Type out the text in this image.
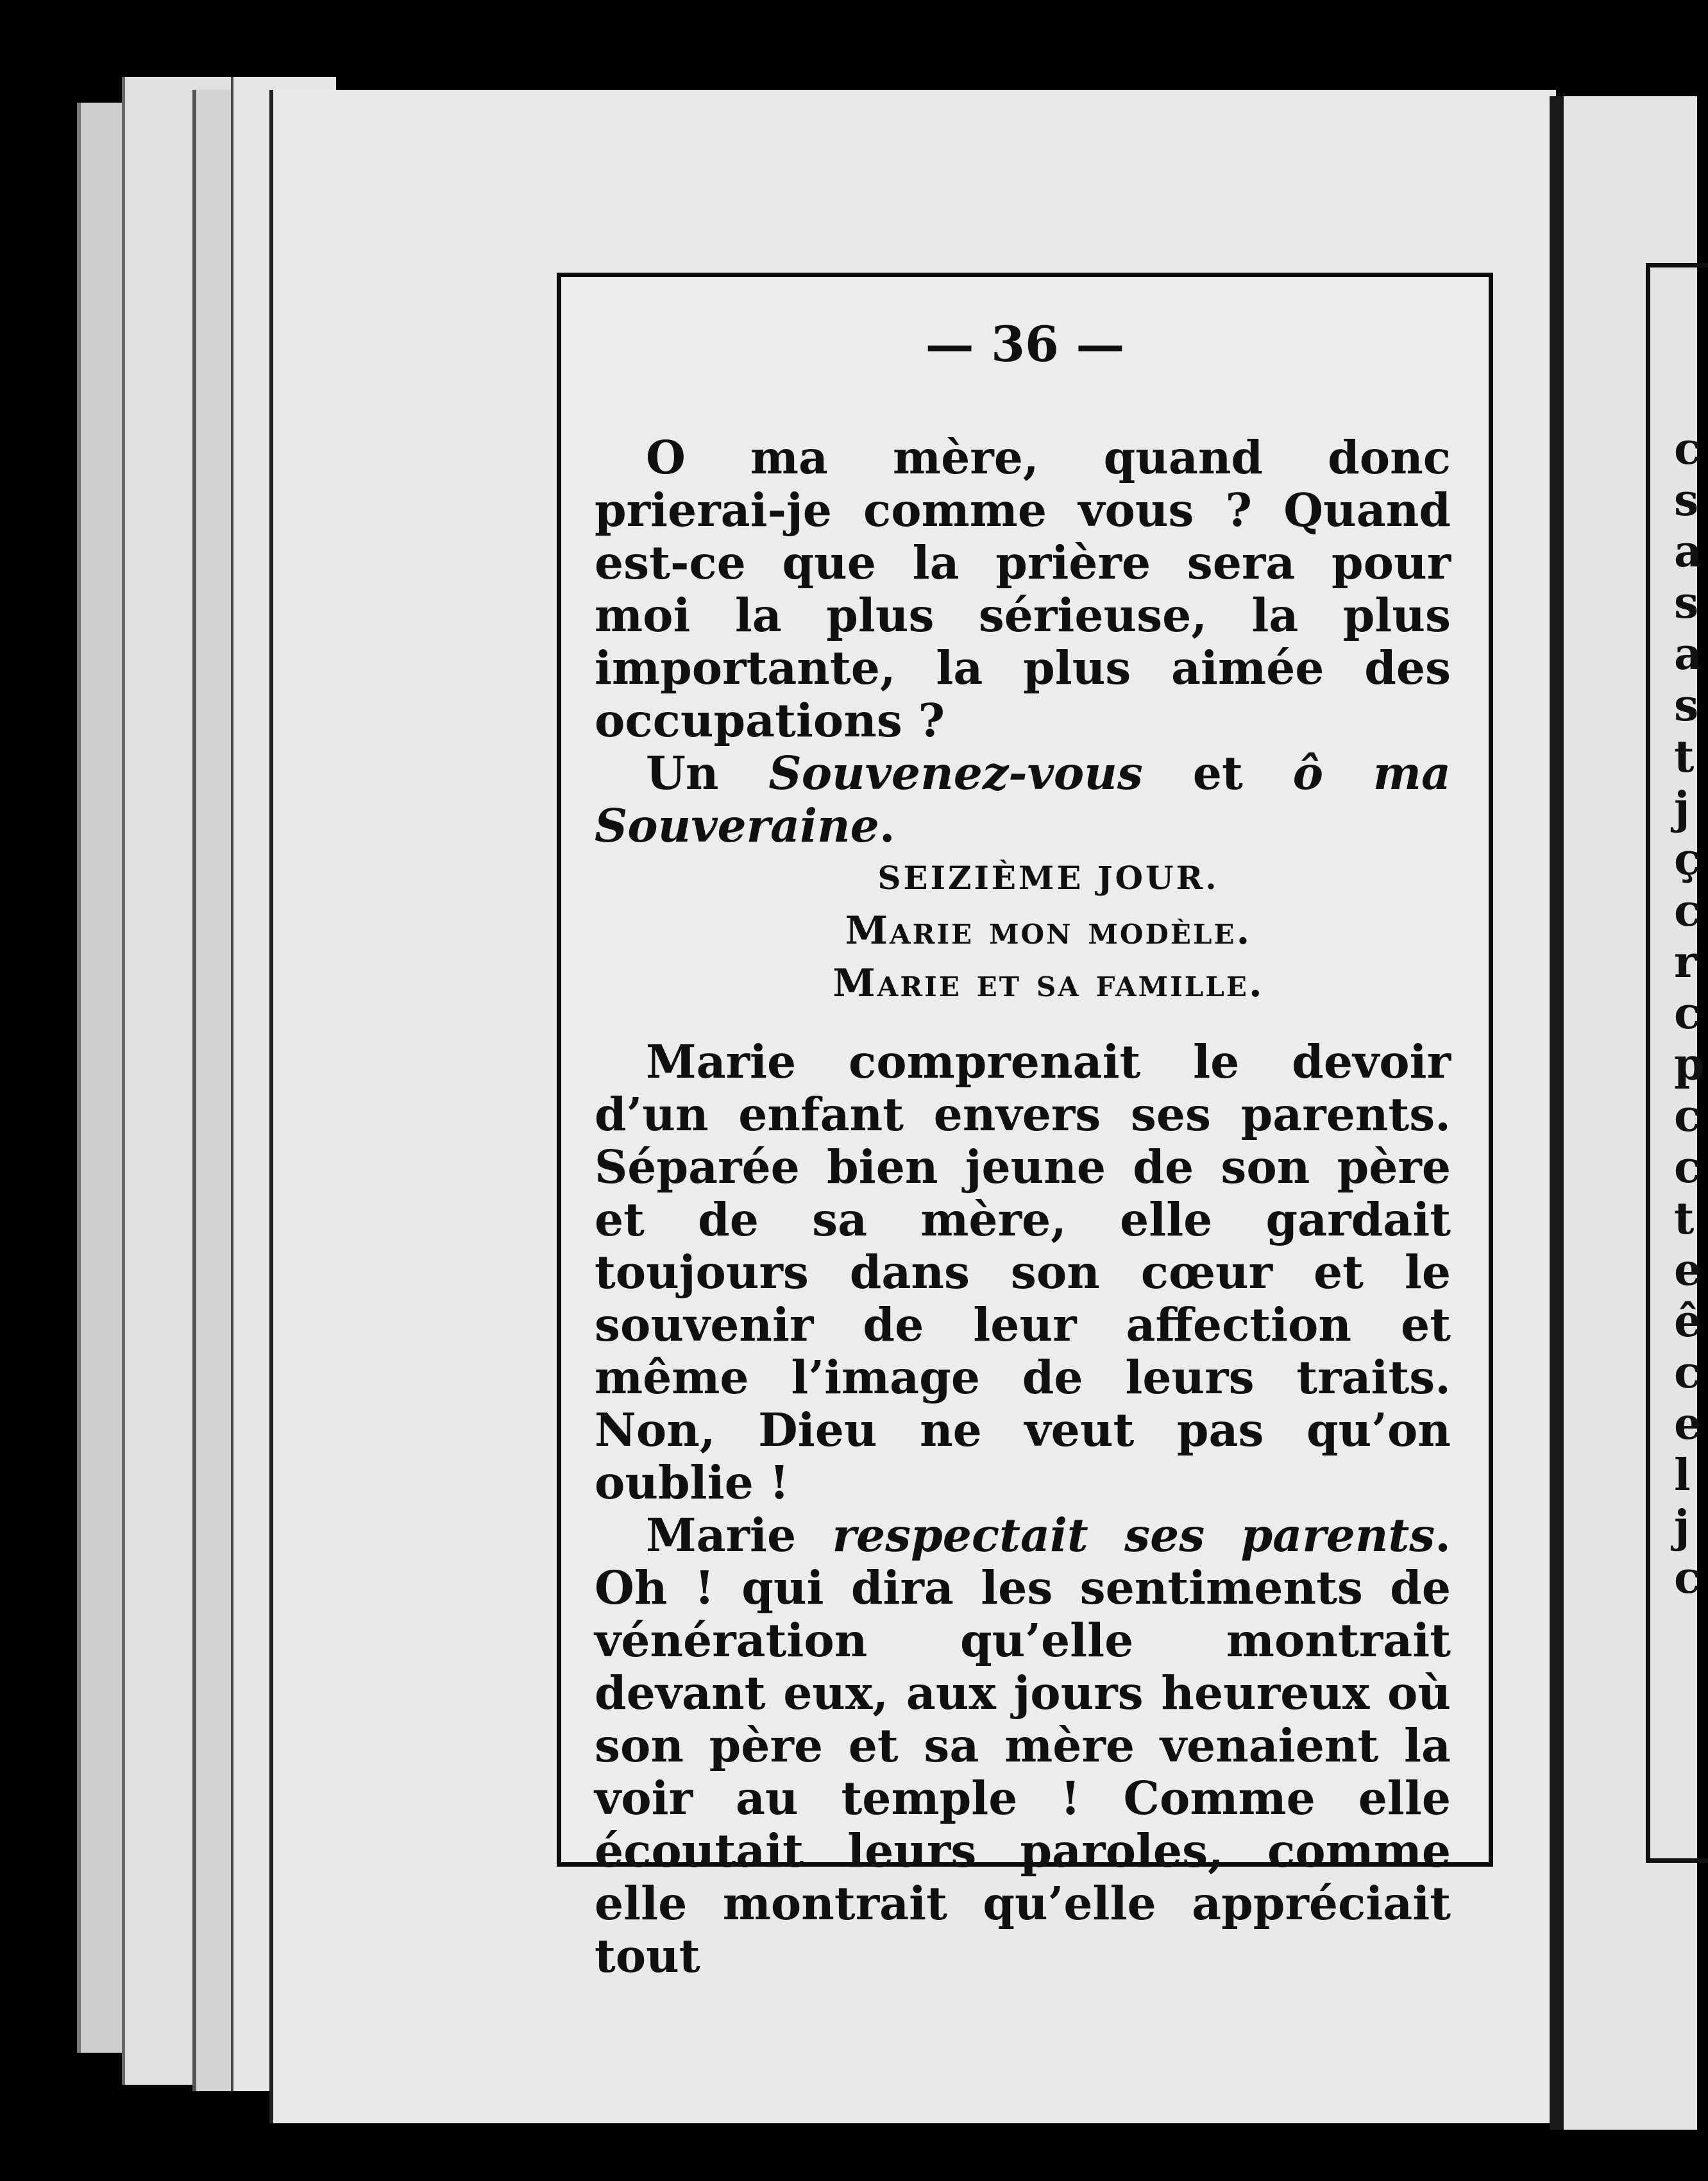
c s a s a s t j ç c r c p c c t e ê c e l j c
— 36 —

O ma mère, quand donc prierai-je comme vous ? Quand est-ce que la prière sera pour moi la plus sérieuse, la plus importante, la plus aimée des occupations ?

Un Souvenez-vous et ô ma Souveraine.

SEIZIÈME JOUR.

Marie mon modèle.

Marie et sa famille.

Marie comprenait le devoir d’un enfant envers ses parents. Séparée bien jeune de son père et de sa mère, elle gardait toujours dans son cœur et le souvenir de leur affection et même l’image de leurs traits. Non, Dieu ne veut pas qu’on oublie !

Marie respectait ses parents. Oh ! qui dira les sentiments de vénération qu’elle montrait devant eux, aux jours heureux où son père et sa mère venaient la voir au temple ! Comme elle écoutait leurs paroles, comme elle montrait qu’elle appréciait tout
